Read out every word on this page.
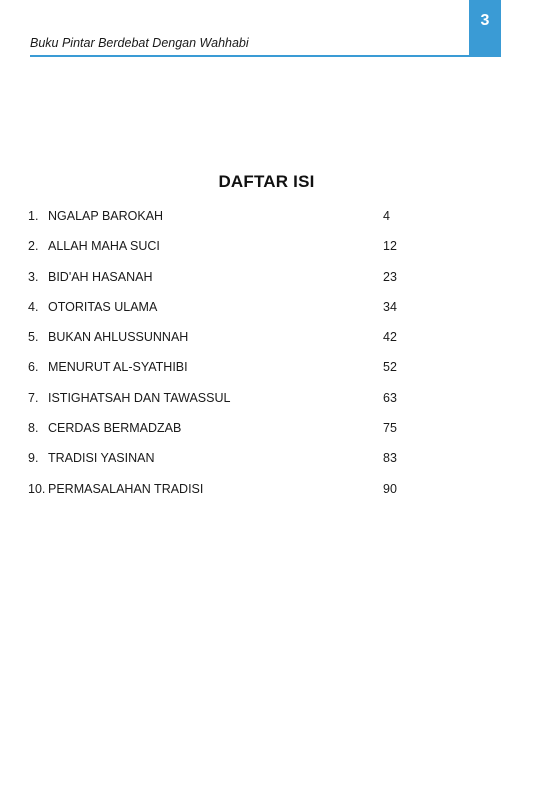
Buku Pintar Berdebat Dengan Wahhabi
3
DAFTAR ISI
1. NGALAP BAROKAH	4
2. ALLAH MAHA SUCI	12
3. BID'AH HASANAH	23
4. OTORITAS ULAMA	34
5. BUKAN AHLUSSUNNAH	42
6. MENURUT AL-SYATHIBI	52
7. ISTIGHATSAH DAN TAWASSUL	63
8. CERDAS BERMADZAB	75
9. TRADISI YASINAN	83
10. PERMASALAHAN TRADISI	90
